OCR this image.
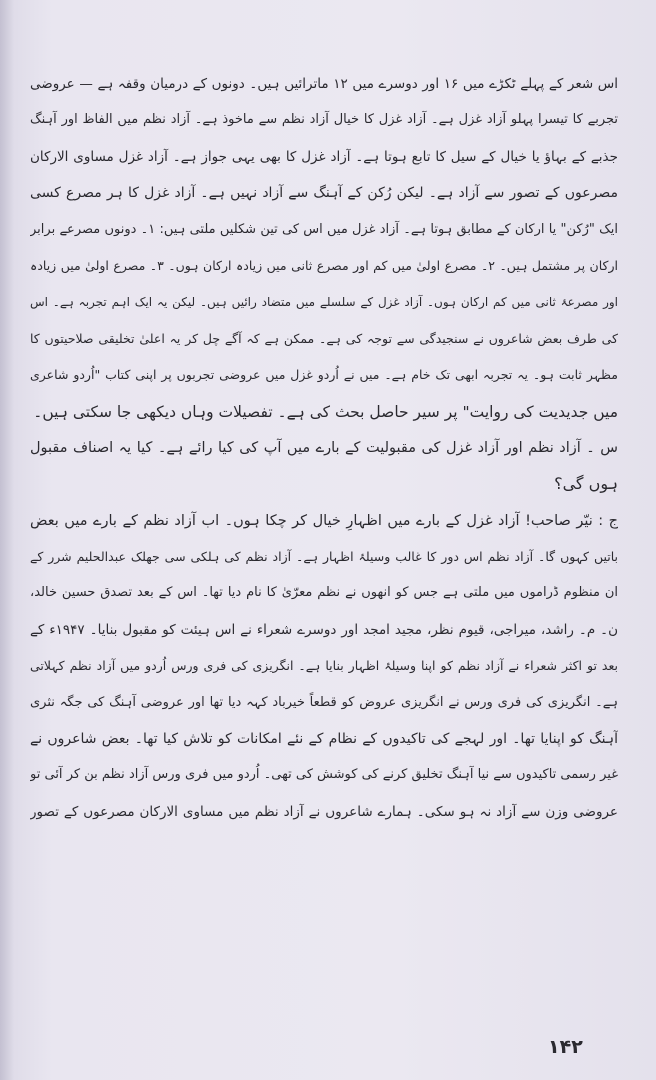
اس شعر کے پہلے ٹکڑے میں ۱۶ اور دوسرے میں ۱۲ ماترائیں ہیں۔ دونوں کے درمیان وقفہ ہے — عروضی
تجربے کا تیسرا پہلو آزاد غزل ہے۔ آزاد غزل کا خیال آزاد نظم سے ماخوذ ہے۔ آزاد نظم میں الفاظ اور آہنگ
جذبے کے بہاؤ یا خیال کے سیل کا تابع ہوتا ہے۔ آزاد غزل کا بھی یہی جواز ہے۔ آزاد غزل مساوی الارکان
مصرعوں کے تصور سے آزاد ہے۔ لیکن رُکن کے آہنگ سے آزاد نہیں ہے۔ آزاد غزل کا ہر مصرع کسی
ایک "رُکن" یا ارکان کے مطابق ہوتا ہے۔ آزاد غزل میں اس کی تین شکلیں ملتی ہیں: ۱۔ دونوں مصرعے برابر
ارکان پر مشتمل ہیں۔ ۲۔ مصرع اولیٰ میں کم اور مصرع ثانی میں زیادہ ارکان ہوں۔ ۳۔ مصرع اولیٰ میں زیادہ
اور مصرعۂ ثانی میں کم ارکان ہوں۔ آزاد غزل کے سلسلے میں متضاد رائیں ہیں۔ لیکن یہ ایک اہم تجربہ ہے۔ اس
کی طرف بعض شاعروں نے سنجیدگی سے توجہ کی ہے۔ ممکن ہے کہ آگے چل کر یہ اعلیٰ تخلیقی صلاحیتوں کا
مظہر ثابت ہو۔ یہ تجربہ ابھی تک خام ہے۔ میں نے اُردو غزل میں عروضی تجربوں پر اپنی کتاب "اُردو شاعری
میں جدیدیت کی روایت" پر سیر حاصل بحث کی ہے۔ تفصیلات وہاں دیکھی جا سکتی ہیں۔
س ۔ آزاد نظم اور آزاد غزل کی مقبولیت کے بارے میں آپ کی کیا رائے ہے۔ کیا یہ اصناف مقبول
ہوں گی؟
ج : نیّر صاحب! آزاد غزل کے بارے میں اظہارِ خیال کر چکا ہوں۔ اب آزاد نظم کے بارے میں بعض
باتیں کہوں گا۔ آزاد نظم اس دور کا غالب وسیلۂ اظہار ہے۔ آزاد نظم کی ہلکی سی جھلک عبدالحلیم شرر کے
ان منظوم ڈراموں میں ملتی ہے جس کو انھوں نے نظم معرّیٰ کا نام دیا تھا۔ اس کے بعد تصدق حسین خالد،
ن۔ م۔ راشد، میراجی، قیوم نظر، مجید امجد اور دوسرے شعراء نے اس ہیئت کو مقبول بنایا۔ ۱۹۴۷ء کے
بعد تو اکثر شعراء نے آزاد نظم کو اپنا وسیلۂ اظہار بنایا ہے۔ انگریزی کی فری ورس اُردو میں آزاد نظم کہلاتی
ہے۔ انگریزی کی فری ورس نے انگریزی عروض کو قطعاً خیرباد کہہ دیا تھا اور عروضی آہنگ کی جگہ نثری
آہنگ کو اپنایا تھا۔ اور لہجے کی تاکیدوں کے نظام کے نئے امکانات کو تلاش کیا تھا۔ بعض شاعروں نے
غیر رسمی تاکیدوں سے نیا آہنگ تخلیق کرنے کی کوشش کی تھی۔ اُردو میں فری ورس آزاد نظم بن کر آئی تو
عروضی وزن سے آزاد نہ ہو سکی۔ ہمارے شاعروں نے آزاد نظم میں مساوی الارکان مصرعوں کے تصور
۱۴۲
